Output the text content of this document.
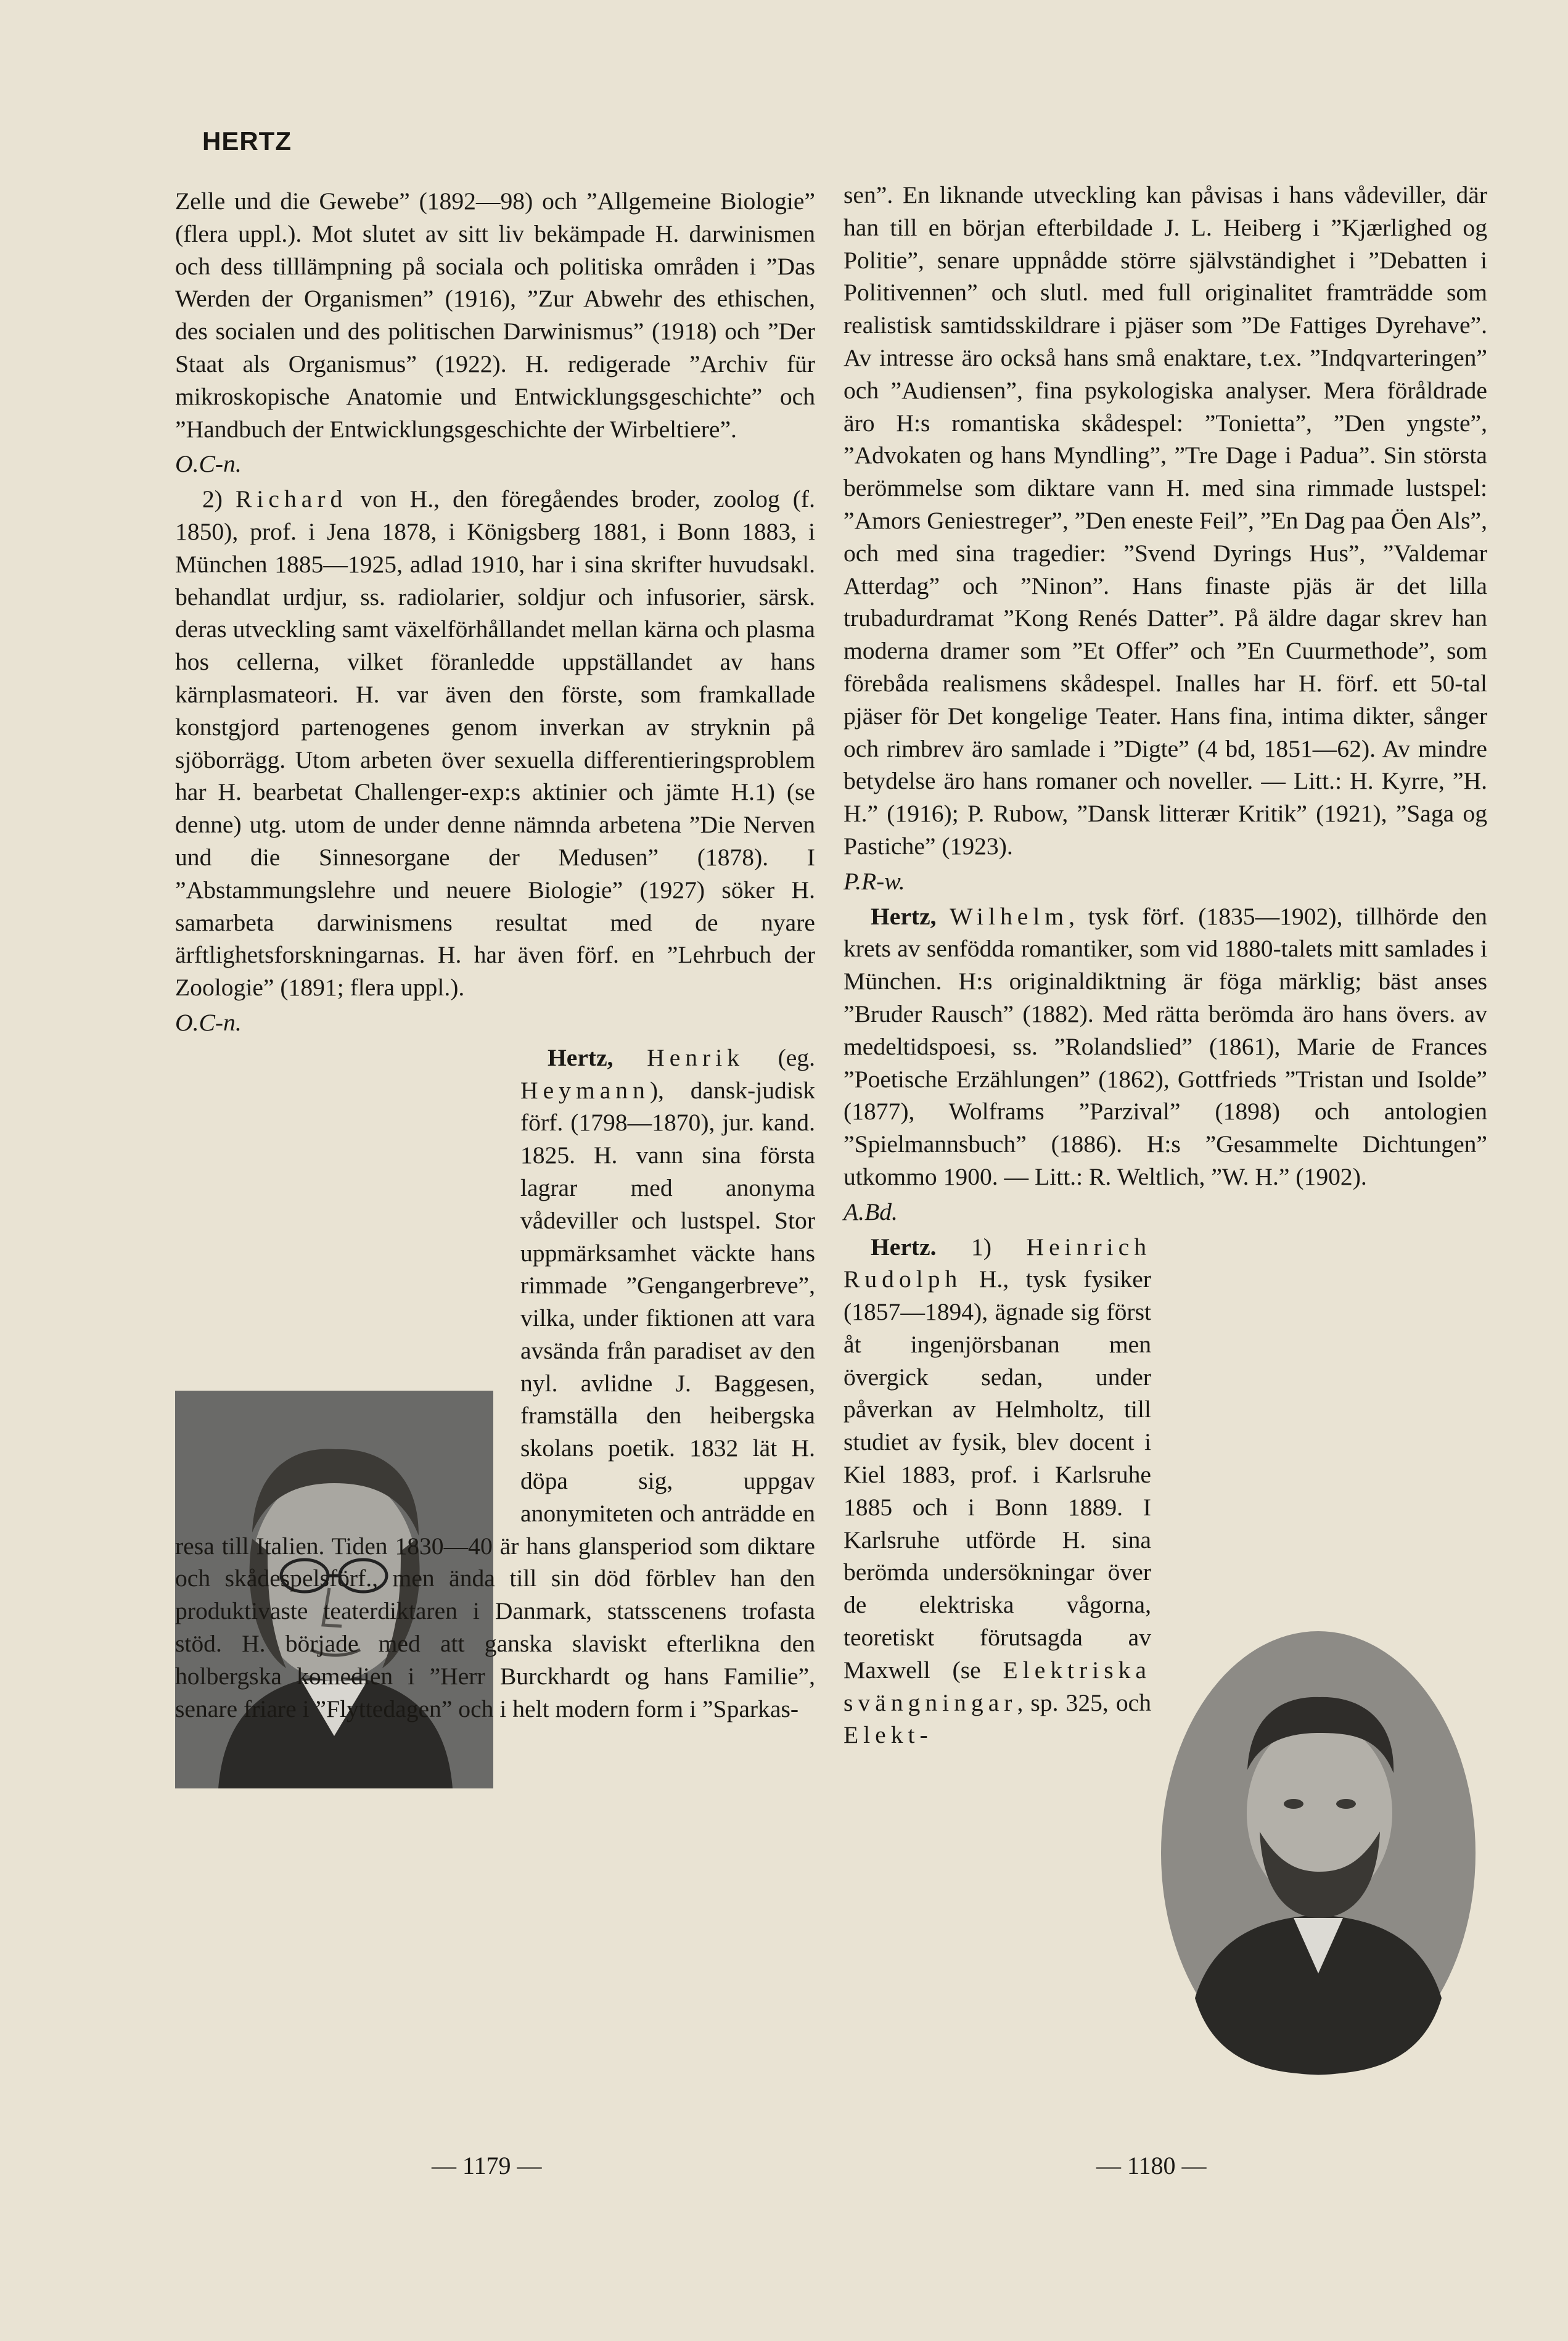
HERTZ

Zelle und die Gewebe” (1892—98) och ”Allgemeine Biologie” (flera uppl.). Mot slutet av sitt liv bekämpade H. darwinismen och dess tilllämpning på sociala och politiska områden i ”Das Werden der Organismen” (1916), ”Zur Abwehr des ethischen, des socialen und des politischen Darwinismus” (1918) och ”Der Staat als Organismus” (1922). H. redigerade ”Archiv für mikroskopische Anatomie und Entwicklungsgeschichte” och ”Handbuch der Entwicklungsgeschichte der Wirbeltiere”.

O.C-n.

2) Richard von H., den föregåendes broder, zoolog (f. 1850), prof. i Jena 1878, i Königsberg 1881, i Bonn 1883, i München 1885—1925, adlad 1910, har i sina skrifter huvudsakl. behandlat urdjur, ss. radiolarier, soldjur och infusorier, särsk. deras utveckling samt växelförhållandet mellan kärna och plasma hos cellerna, vilket föranledde uppställandet av hans kärnplasmateori. H. var även den förste, som framkallade konstgjord partenogenes genom inverkan av stryknin på sjöborrägg. Utom arbeten över sexuella differentieringsproblem har H. bearbetat Challenger-exp:s aktinier och jämte H.1) (se denne) utg. utom de under denne nämnda arbetena ”Die Nerven und die Sinnesorgane der Medusen” (1878). I ”Abstammungslehre und neuere Biologie” (1927) söker H. samarbeta darwinismens resultat med de nyare ärftlighetsforskningarnas. H. har även förf. en ”Lehrbuch der Zoologie” (1891; flera uppl.).

O.C-n.

Hertz, Henrik (eg. Heymann), dansk-judisk förf. (1798—1870), jur. kand. 1825. H. vann sina första lagrar med anonyma vådeviller och lustspel. Stor uppmärksamhet väckte hans rimmade ”Gengangerbreve”, vilka, under fiktionen att vara avsända från paradiset av den nyl. avlidne J. Baggesen, framställa den heibergska skolans poetik. 1832 lät H. döpa sig, uppgav anonymiteten och anträdde en resa till Italien. Tiden 1830—40 är hans glansperiod som diktare och skådespelsförf., men ända till sin död förblev han den produktivaste teaterdiktaren i Danmark, statsscenens trofasta stöd. H. började med att ganska slaviskt efterlikna den holbergska komedien i ”Herr Burckhardt og hans Familie”, senare friare i ”Flyttedagen” och i helt modern form i ”Sparkas-

sen”. En liknande utveckling kan påvisas i hans vådeviller, där han till en början efterbildade J. L. Heiberg i ”Kjærlighed og Politie”, senare uppnådde större självständighet i ”Debatten i Politivennen” och slutl. med full originalitet framträdde som realistisk samtidsskildrare i pjäser som ”De Fattiges Dyrehave”. Av intresse äro också hans små enaktare, t.ex. ”Indqvarteringen” och ”Audiensen”, fina psykologiska analyser. Mera föråldrade äro H:s romantiska skådespel: ”Tonietta”, ”Den yngste”, ”Advokaten og hans Myndling”, ”Tre Dage i Padua”. Sin största berömmelse som diktare vann H. med sina rimmade lustspel: ”Amors Geniestreger”, ”Den eneste Feil”, ”En Dag paa Öen Als”, och med sina tragedier: ”Svend Dyrings Hus”, ”Valdemar Atterdag” och ”Ninon”. Hans finaste pjäs är det lilla trubadurdramat ”Kong Renés Datter”. På äldre dagar skrev han moderna dramer som ”Et Offer” och ”En Cuurmethode”, som förebåda realismens skådespel. Inalles har H. förf. ett 50-tal pjäser för Det kongelige Teater. Hans fina, intima dikter, sånger och rimbrev äro samlade i ”Digte” (4 bd, 1851—62). Av mindre betydelse äro hans romaner och noveller. — Litt.: H. Kyrre, ”H. H.” (1916); P. Rubow, ”Dansk litterær Kritik” (1921), ”Saga og Pastiche” (1923).

P.R-w.

Hertz, Wilhelm, tysk förf. (1835—1902), tillhörde den krets av senfödda romantiker, som vid 1880-talets mitt samlades i München. H:s originaldiktning är föga märklig; bäst anses ”Bruder Rausch” (1882). Med rätta berömda äro hans övers. av medeltidspoesi, ss. ”Rolandslied” (1861), Marie de Frances ”Poetische Erzählungen” (1862), Gottfrieds ”Tristan und Isolde” (1877), Wolframs ”Parzival” (1898) och antologien ”Spielmannsbuch” (1886). H:s ”Gesammelte Dichtungen” utkommo 1900. — Litt.: R. Weltlich, ”W. H.” (1902).

A.Bd.

Hertz. 1) Heinrich Rudolph H., tysk fysiker (1857—1894), ägnade sig först åt ingenjörsbanan men övergick sedan, under påverkan av Helmholtz, till studiet av fysik, blev docent i Kiel 1883, prof. i Karlsruhe 1885 och i Bonn 1889. I Karlsruhe utförde H. sina berömda undersökningar över de elektriska vågorna, teoretiskt förutsagda av Maxwell (se Elektriska svängningar, sp. 325, och Elekt-

— 1179 —	— 1180 —
